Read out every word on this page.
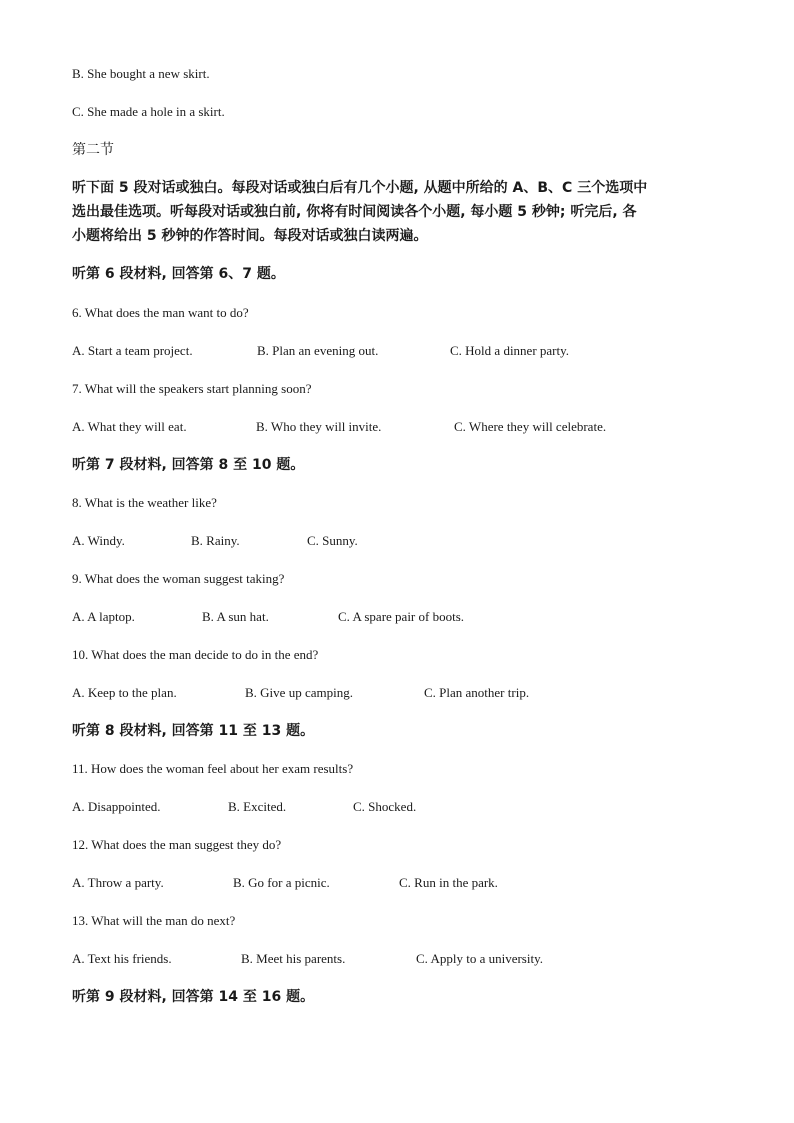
B. She bought a new skirt.
C. She made a hole in a skirt.
第二节
听下面 5 段对话或独白。每段对话或独白后有几个小题, 从题中所给的 A、B、C 三个选项中
选出最佳选项。听每段对话或独白前, 你将有时间阅读各个小题, 每小题 5 秒钟; 听完后, 各
小题将给出 5 秒钟的作答时间。每段对话或独白读两遍。
听第 6 段材料, 回答第 6、7 题。
6. What does the man want to do?
A. Start a team project.	B. Plan an evening out.	C. Hold a dinner party.
7. What will the speakers start planning soon?
A. What they will eat.	B. Who they will invite.	C. Where they will celebrate.
听第 7 段材料, 回答第 8 至 10 题。
8. What is the weather like?
A. Windy.	B. Rainy.	C. Sunny.
9. What does the woman suggest taking?
A. A laptop.	B. A sun hat.	C. A spare pair of boots.
10. What does the man decide to do in the end?
A. Keep to the plan.	B. Give up camping.	C. Plan another trip.
听第 8 段材料, 回答第 11 至 13 题。
11. How does the woman feel about her exam results?
A. Disappointed.	B. Excited.	C. Shocked.
12. What does the man suggest they do?
A. Throw a party.	B. Go for a picnic.	C. Run in the park.
13. What will the man do next?
A. Text his friends.	B. Meet his parents.	C. Apply to a university.
听第 9 段材料, 回答第 14 至 16 题。
